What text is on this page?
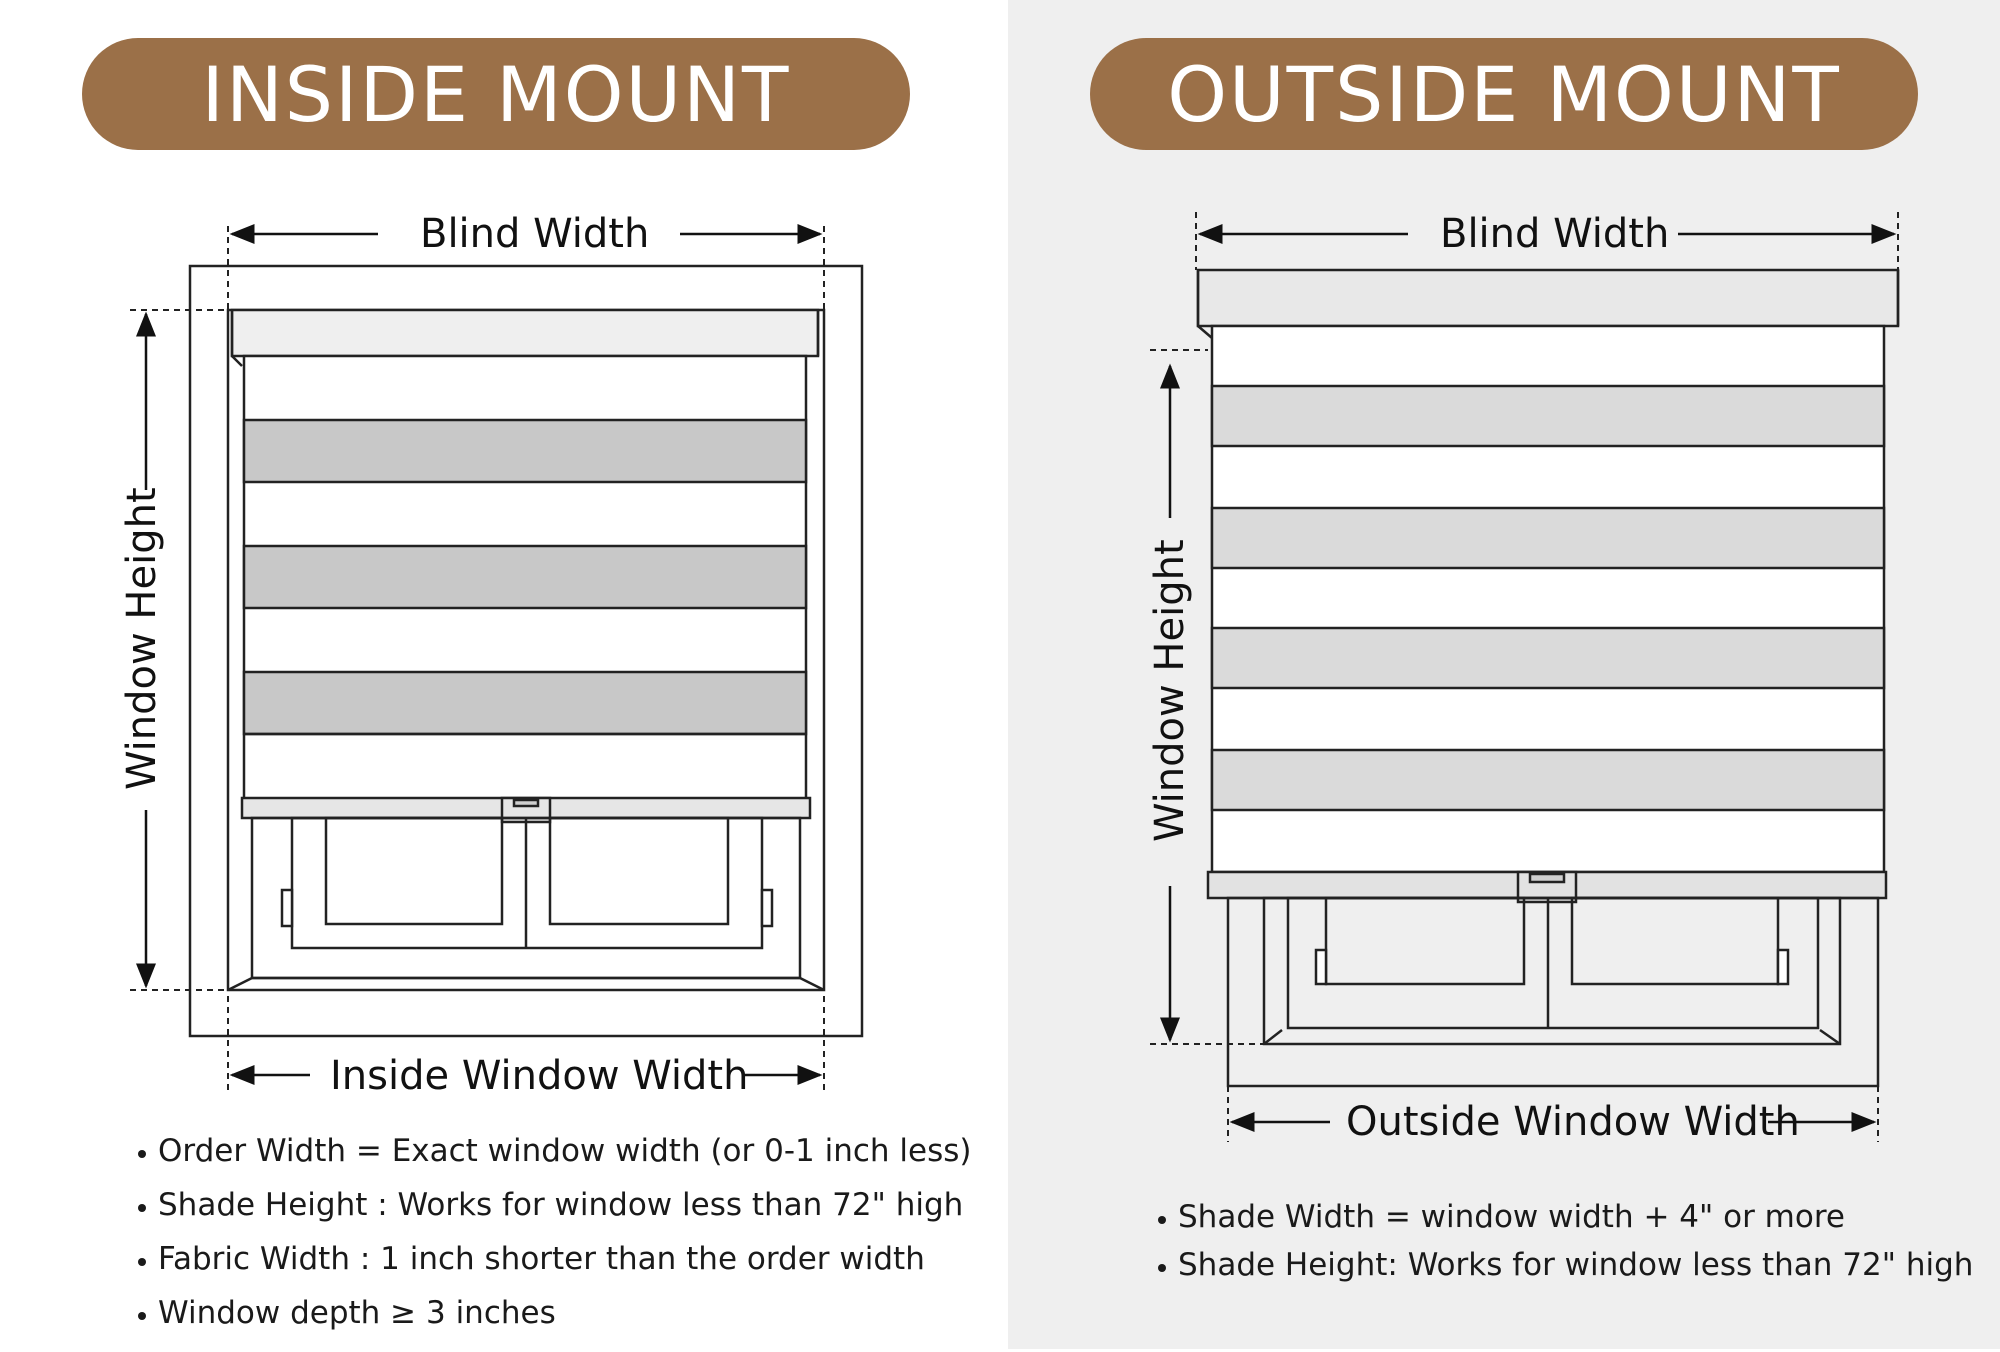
INSIDE MOUNT	OUTSIDE MOUNT
Blind Width
Window Height
Inside Window Width
Order Width = Exact window width (or 0-1 inch less)
Shade Height : Works for window less than 72" high
Fabric Width : 1 inch shorter than the order width
Window depth ≥ 3 inches
Blind Width
Window Height
Outside Window Width
Shade Width = window width + 4" or more
Shade Height: Works for window less than 72" high
